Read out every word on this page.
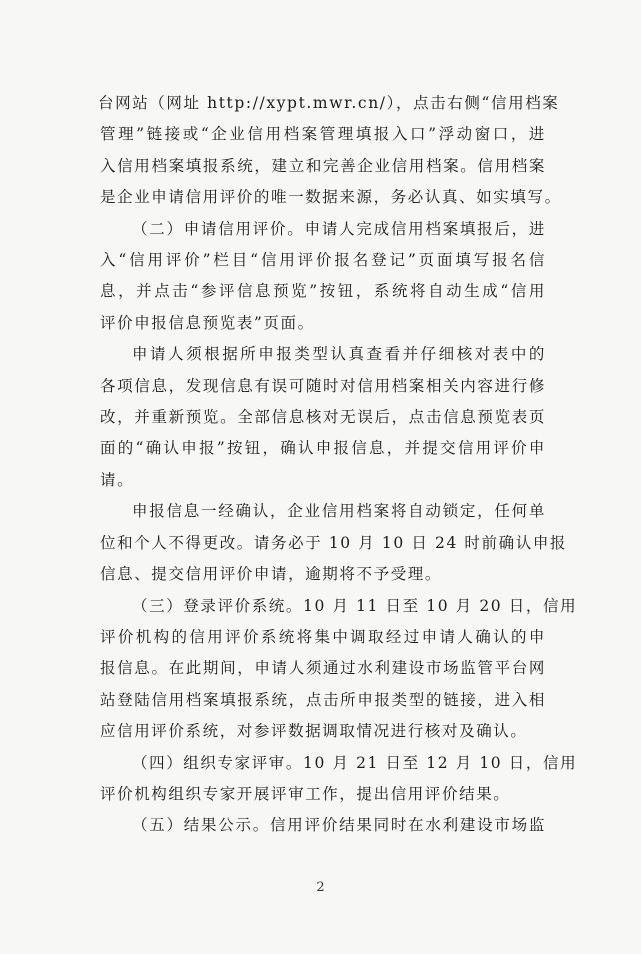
台网站（网址 http://xypt.mwr.cn/），点击右侧“信用档案
管理”链接或“企业信用档案管理填报入口”浮动窗口，进
入信用档案填报系统，建立和完善企业信用档案。信用档案
是企业申请信用评价的唯一数据来源，务必认真、如实填写。

（二）申请信用评价。申请人完成信用档案填报后，进
入“信用评价”栏目“信用评价报名登记”页面填写报名信
息，并点击“参评信息预览”按钮，系统将自动生成“信用
评价申报信息预览表”页面。

申请人须根据所申报类型认真查看并仔细核对表中的
各项信息，发现信息有误可随时对信用档案相关内容进行修
改，并重新预览。全部信息核对无误后，点击信息预览表页
面的“确认申报”按钮，确认申报信息，并提交信用评价申
请。

申报信息一经确认，企业信用档案将自动锁定，任何单
位和个人不得更改。请务必于 10 月 10 日 24 时前确认申报
信息、提交信用评价申请，逾期将不予受理。

（三）登录评价系统。10 月 11 日至 10 月 20 日，信用
评价机构的信用评价系统将集中调取经过申请人确认的申
报信息。在此期间，申请人须通过水利建设市场监管平台网
站登陆信用档案填报系统，点击所申报类型的链接，进入相
应信用评价系统，对参评数据调取情况进行核对及确认。

（四）组织专家评审。10 月 21 日至 12 月 10 日，信用
评价机构组织专家开展评审工作，提出信用评价结果。

（五）结果公示。信用评价结果同时在水利建设市场监

2
